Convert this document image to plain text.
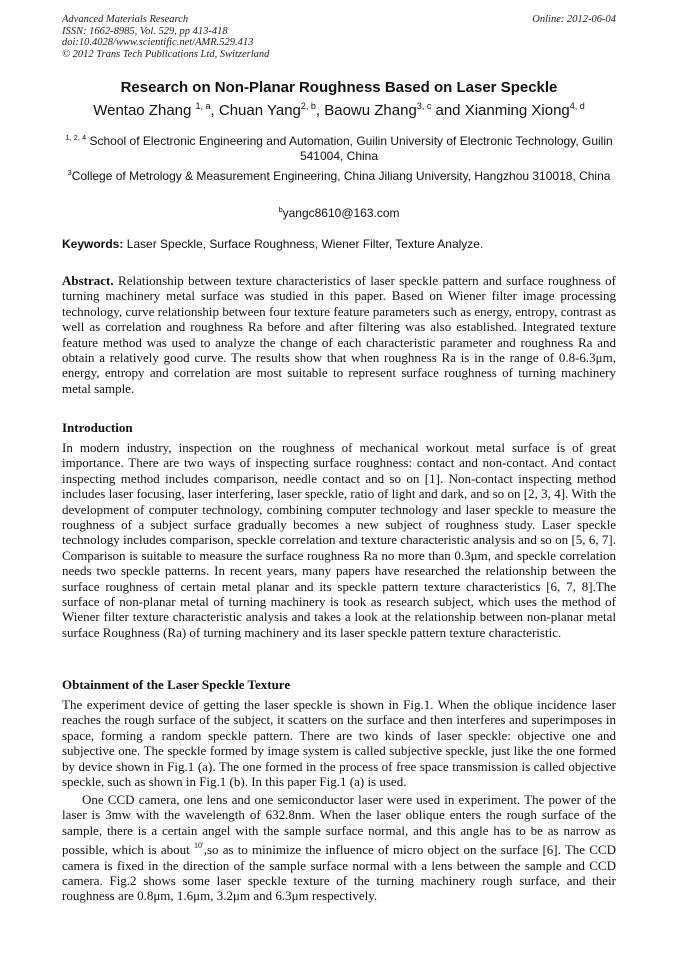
Advanced Materials Research
ISSN: 1662-8985, Vol. 529, pp 413-418
doi:10.4028/www.scientific.net/AMR.529.413
© 2012 Trans Tech Publications Ltd, Switzerland
Online: 2012-06-04
Research on Non-Planar Roughness Based on Laser Speckle
Wentao Zhang $^{1, a}$, Chuan Yang$^{2, b}$, Baowu Zhang$^{3, c}$ and Xianming Xiong$^{4, d}$
$^{1, 2, 4}$ School of Electronic Engineering and Automation, Guilin University of Electronic Technology, Guilin 541004, China
$^3$College of Metrology & Measurement Engineering, China Jiliang University, Hangzhou 310018, China
$^b$yangc8610@163.com
Keywords: Laser Speckle, Surface Roughness, Wiener Filter, Texture Analyze.
Abstract. Relationship between texture characteristics of laser speckle pattern and surface roughness of turning machinery metal surface was studied in this paper. Based on Wiener filter image processing technology, curve relationship between four texture feature parameters such as energy, entropy, contrast as well as correlation and roughness Ra before and after filtering was also established. Integrated texture feature method was used to analyze the change of each characteristic parameter and roughness Ra and obtain a relatively good curve. The results show that when roughness Ra is in the range of 0.8-6.3μm, energy, entropy and correlation are most suitable to represent surface roughness of turning machinery metal sample.
Introduction
In modern industry, inspection on the roughness of mechanical workout metal surface is of great importance. There are two ways of inspecting surface roughness: contact and non-contact. And contact inspecting method includes comparison, needle contact and so on [1]. Non-contact inspecting method includes laser focusing, laser interfering, laser speckle, ratio of light and dark, and so on [2, 3, 4]. With the development of computer technology, combining computer technology and laser speckle to measure the roughness of a subject surface gradually becomes a new subject of roughness study. Laser speckle technology includes comparison, speckle correlation and texture characteristic analysis and so on [5, 6, 7]. Comparison is suitable to measure the surface roughness Ra no more than 0.3μm, and speckle correlation needs two speckle patterns. In recent years, many papers have researched the relationship between the surface roughness of certain metal planar and its speckle pattern texture characteristics [6, 7, 8].The surface of non-planar metal of turning machinery is took as research subject, which uses the method of Wiener filter texture characteristic analysis and takes a look at the relationship between non-planar metal surface Roughness (Ra) of turning machinery and its laser speckle pattern texture characteristic.
Obtainment of the Laser Speckle Texture
The experiment device of getting the laser speckle is shown in Fig.1. When the oblique incidence laser reaches the rough surface of the subject, it scatters on the surface and then interferes and superimposes in space, forming a random speckle pattern. There are two kinds of laser speckle: objective one and subjective one. The speckle formed by image system is called subjective speckle, just like the one formed by device shown in Fig.1 (a). The one formed in the process of free space transmission is called objective speckle, such as shown in Fig.1 (b). In this paper Fig.1 (a) is used.
One CCD camera, one lens and one semiconductor laser were used in experiment. The power of the laser is 3mw with the wavelength of 632.8nm. When the laser oblique enters the rough surface of the sample, there is a certain angel with the sample surface normal, and this angle has to be as narrow as possible, which is about $^{10'}$,so as to minimize the influence of micro object on the surface [6]. The CCD camera is fixed in the direction of the sample surface normal with a lens between the sample and CCD camera. Fig.2 shows some laser speckle texture of the turning machinery rough surface, and their roughness are 0.8μm, 1.6μm, 3.2μm and 6.3μm respectively.
